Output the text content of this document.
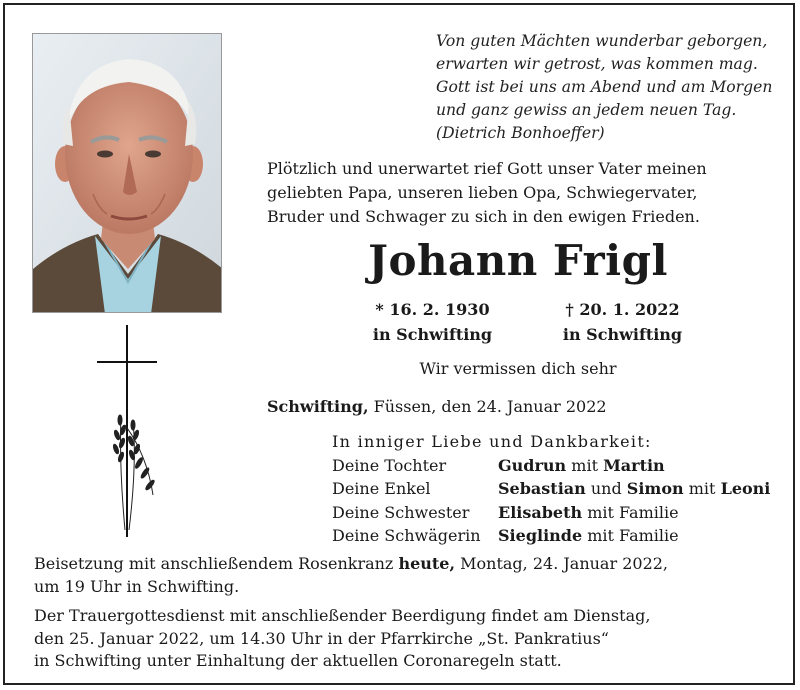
Von guten Mächten wunderbar geborgen,
erwarten wir getrost, was kommen mag.
Gott ist bei uns am Abend und am Morgen
und ganz gewiss an jedem neuen Tag.
(Dietrich Bonhoeffer)
Plötzlich und unerwartet rief Gott unser Vater meinen
geliebten Papa, unseren lieben Opa, Schwiegervater,
Bruder und Schwager zu sich in den ewigen Frieden.
Johann Frigl
* 16. 2. 1930
in Schwifting
† 20. 1. 2022
in Schwifting
Wir vermissen dich sehr
Schwifting, Füssen, den 24. Januar 2022
In inniger Liebe und Dankbarkeit:
Deine Tochter	Gudrun mit Martin
Deine Enkel	Sebastian und Simon mit Leoni
Deine Schwester	Elisabeth mit Familie
Deine Schwägerin	Sieglinde mit Familie
Beisetzung mit anschließendem Rosenkranz heute, Montag, 24. Januar 2022,
um 19 Uhr in Schwifting.
Der Trauergottesdienst mit anschließender Beerdigung findet am Dienstag,
den 25. Januar 2022, um 14.30 Uhr in der Pfarrkirche „St. Pankratius“
in Schwifting unter Einhaltung der aktuellen Coronaregeln statt.
